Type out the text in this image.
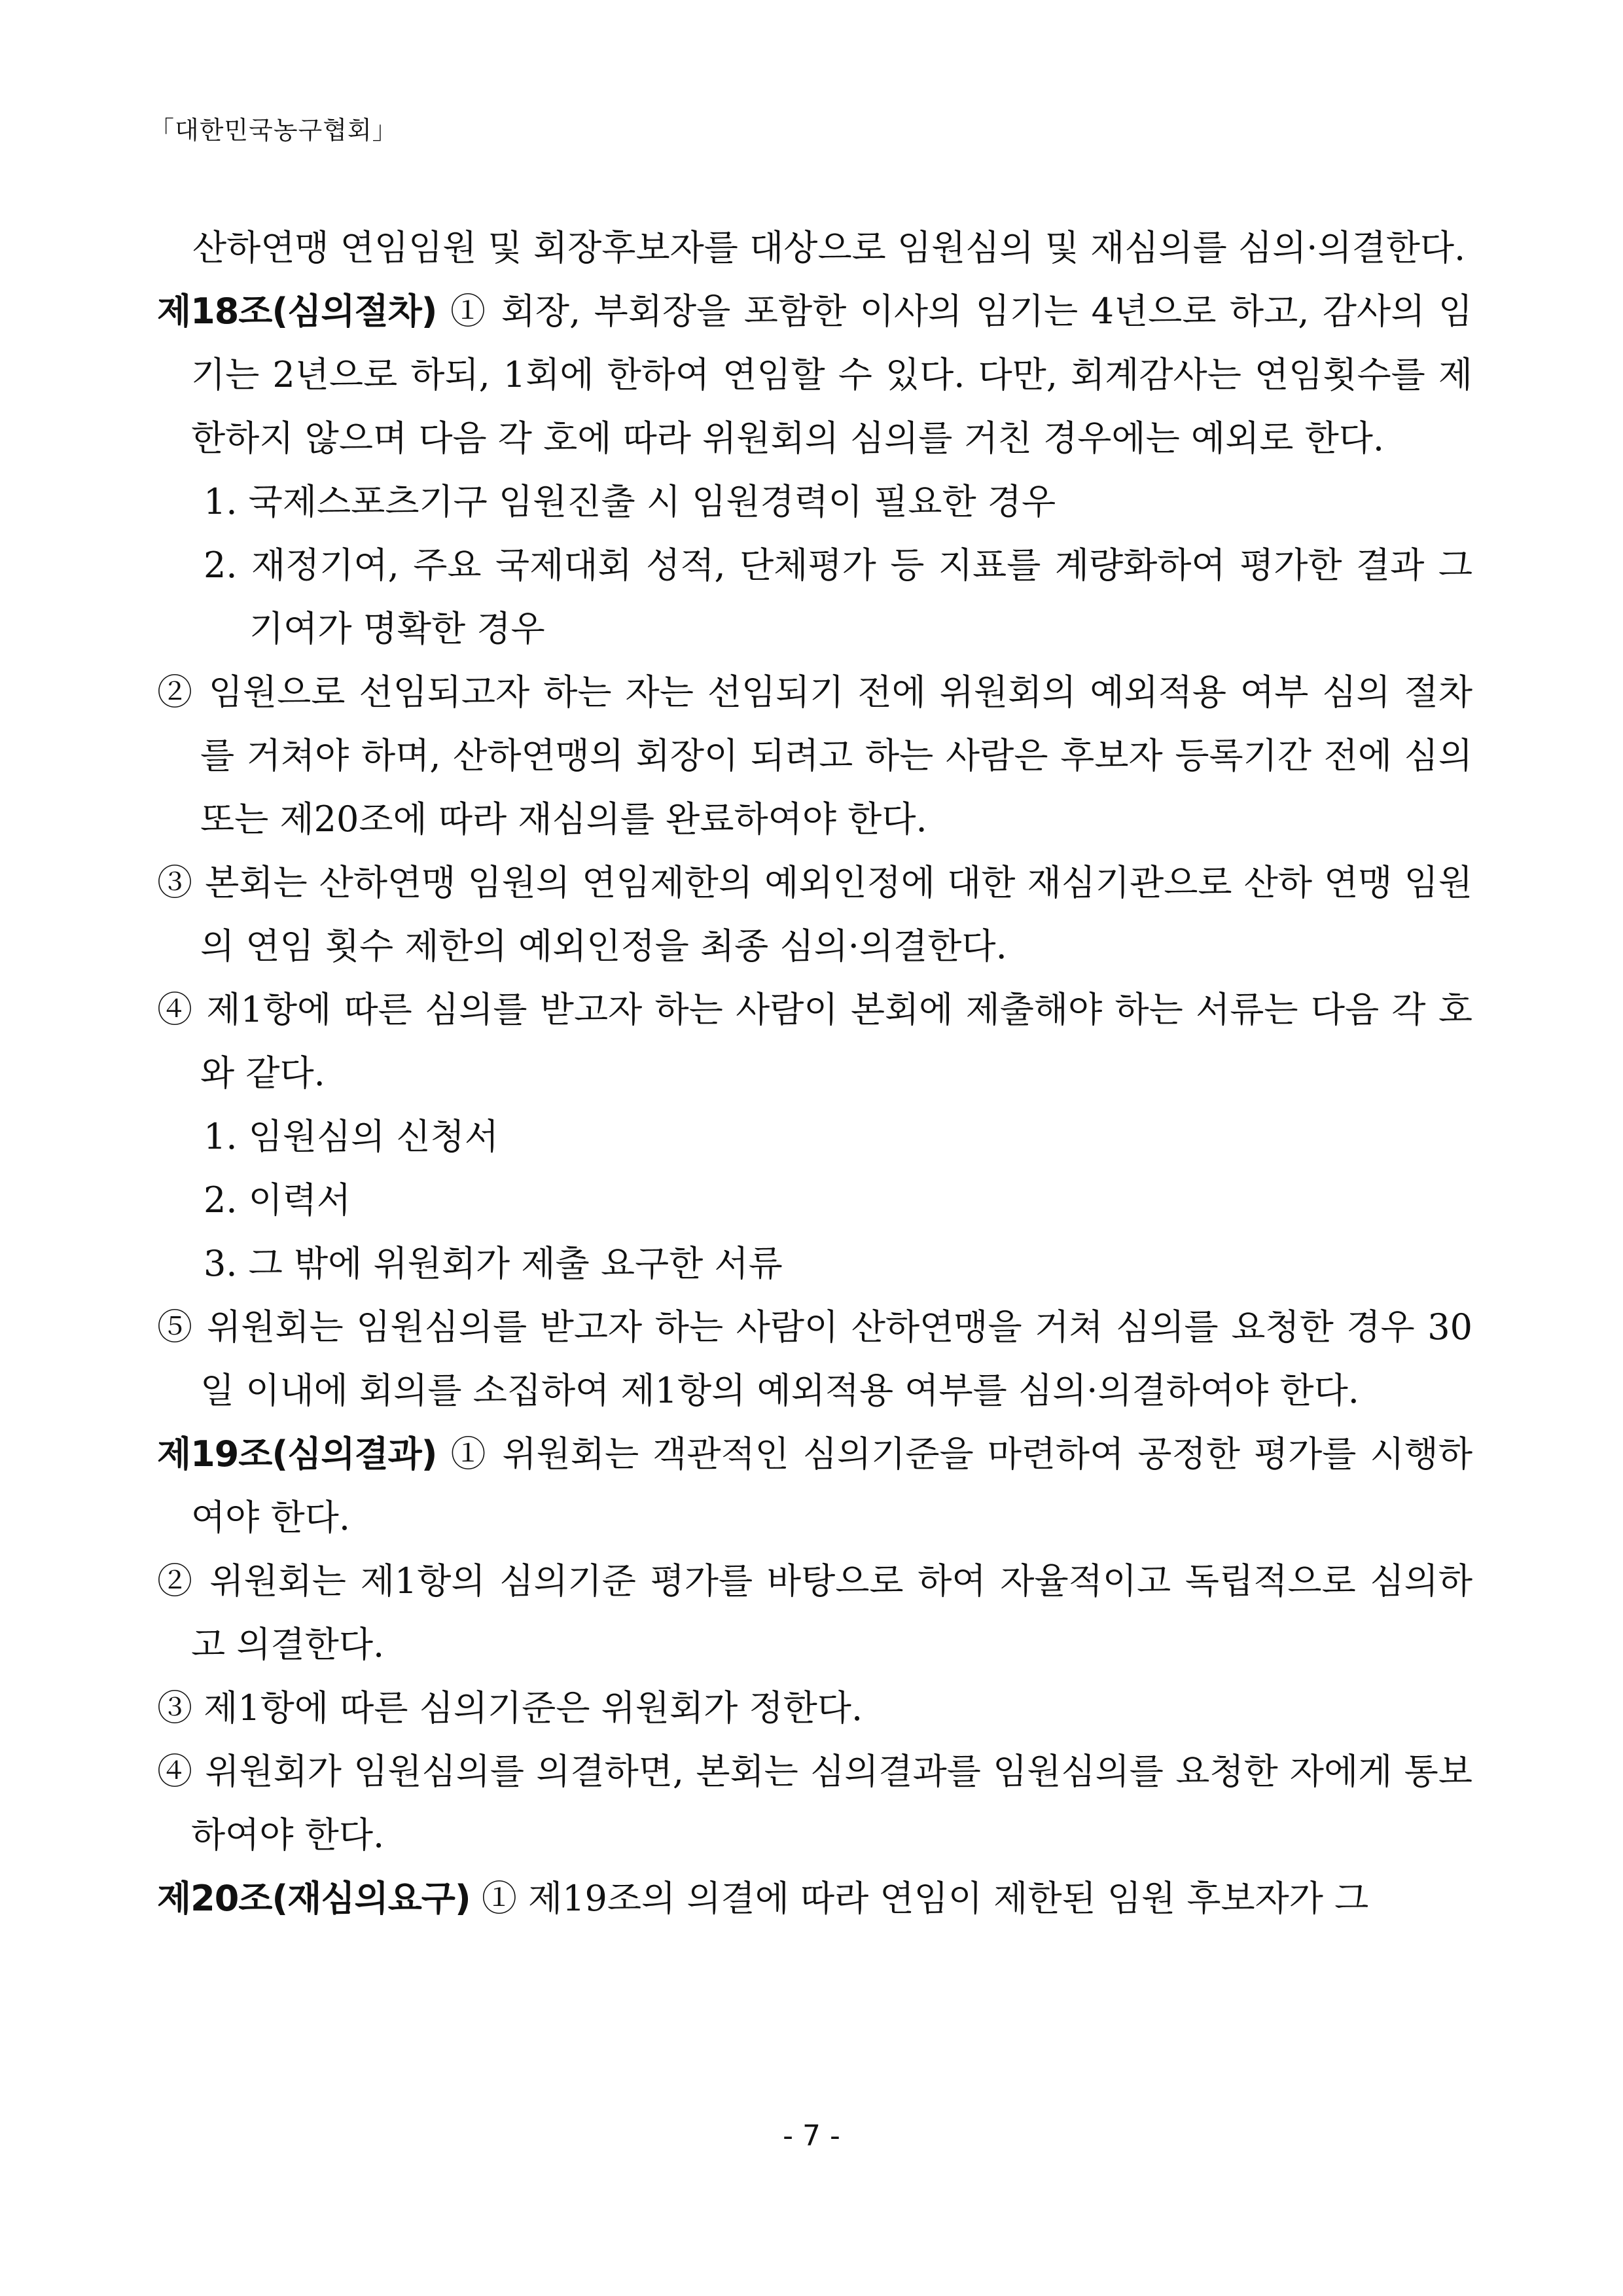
「대한민국농구협회」

산하연맹 연임임원 및 회장후보자를 대상으로 임원심의 및 재심의를 심의·의결한다.

제18조(심의절차) ① 회장, 부회장을 포함한 이사의 임기는 4년으로 하고, 감사의 임기는 2년으로 하되, 1회에 한하여 연임할 수 있다. 다만, 회계감사는 연임횟수를 제한하지 않으며 다음 각 호에 따라 위원회의 심의를 거친 경우에는 예외로 한다.

1. 국제스포츠기구 임원진출 시 임원경력이 필요한 경우

2. 재정기여, 주요 국제대회 성적, 단체평가 등 지표를 계량화하여 평가한 결과 그 기여가 명확한 경우

② 임원으로 선임되고자 하는 자는 선임되기 전에 위원회의 예외적용 여부 심의 절차를 거쳐야 하며, 산하연맹의 회장이 되려고 하는 사람은 후보자 등록기간 전에 심의 또는 제20조에 따라 재심의를 완료하여야 한다.

③ 본회는 산하연맹 임원의 연임제한의 예외인정에 대한 재심기관으로 산하 연맹 임원의 연임 횟수 제한의 예외인정을 최종 심의·의결한다.

④ 제1항에 따른 심의를 받고자 하는 사람이 본회에 제출해야 하는 서류는 다음 각 호와 같다.

1. 임원심의 신청서

2. 이력서

3. 그 밖에 위원회가 제출 요구한 서류

⑤ 위원회는 임원심의를 받고자 하는 사람이 산하연맹을 거쳐 심의를 요청한 경우 30일 이내에 회의를 소집하여 제1항의 예외적용 여부를 심의·의결하여야 한다.

제19조(심의결과) ① 위원회는 객관적인 심의기준을 마련하여 공정한 평가를 시행하여야 한다.

② 위원회는 제1항의 심의기준 평가를 바탕으로 하여 자율적이고 독립적으로 심의하고 의결한다.

③ 제1항에 따른 심의기준은 위원회가 정한다.

④ 위원회가 임원심의를 의결하면, 본회는 심의결과를 임원심의를 요청한 자에게 통보하여야 한다.

제20조(재심의요구) ① 제19조의 의결에 따라 연임이 제한된 임원 후보자가 그

- 7 -
